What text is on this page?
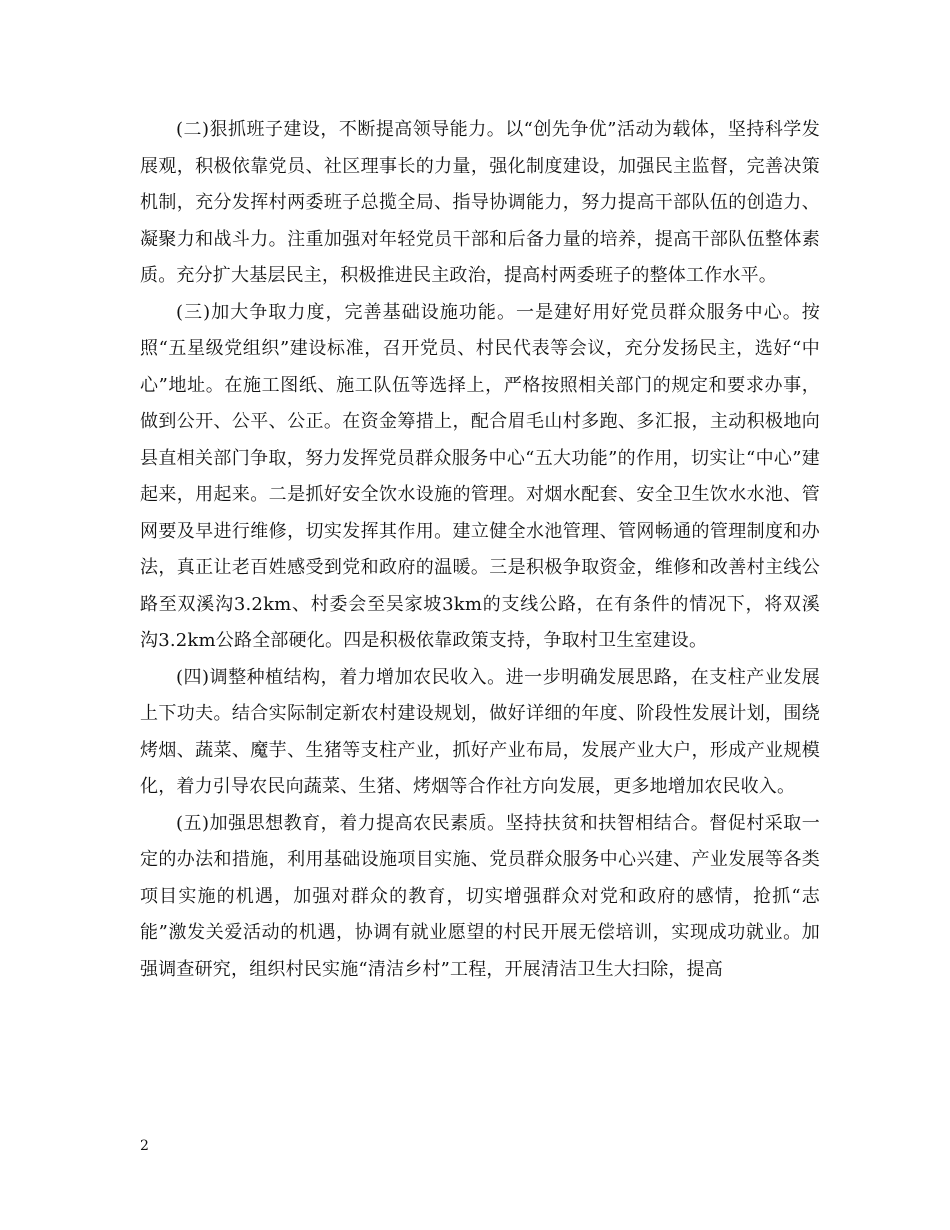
(二)狠抓班子建设，不断提高领导能力。以“创先争优”活动为载体，坚持科学发展观，积极依靠党员、社区理事长的力量，强化制度建设，加强民主监督，完善决策机制，充分发挥村两委班子总揽全局、指导协调能力，努力提高干部队伍的创造力、凝聚力和战斗力。注重加强对年轻党员干部和后备力量的培养，提高干部队伍整体素质。充分扩大基层民主，积极推进民主政治，提高村两委班子的整体工作水平。

(三)加大争取力度，完善基础设施功能。一是建好用好党员群众服务中心。按照“五星级党组织”建设标准，召开党员、村民代表等会议，充分发扬民主，选好“中心”地址。在施工图纸、施工队伍等选择上，严格按照相关部门的规定和要求办事，做到公开、公平、公正。在资金筹措上，配合眉毛山村多跑、多汇报，主动积极地向县直相关部门争取，努力发挥党员群众服务中心“五大功能”的作用，切实让“中心”建起来，用起来。二是抓好安全饮水设施的管理。对烟水配套、安全卫生饮水水池、管网要及早进行维修，切实发挥其作用。建立健全水池管理、管网畅通的管理制度和办法，真正让老百姓感受到党和政府的温暖。三是积极争取资金，维修和改善村主线公路至双溪沟3.2km、村委会至吴家坡3km的支线公路，在有条件的情况下，将双溪沟3.2km公路全部硬化。四是积极依靠政策支持，争取村卫生室建设。

(四)调整种植结构，着力增加农民收入。进一步明确发展思路，在支柱产业发展上下功夫。结合实际制定新农村建设规划，做好详细的年度、阶段性发展计划，围绕烤烟、蔬菜、魔芋、生猪等支柱产业，抓好产业布局，发展产业大户，形成产业规模化，着力引导农民向蔬菜、生猪、烤烟等合作社方向发展，更多地增加农民收入。

(五)加强思想教育，着力提高农民素质。坚持扶贫和扶智相结合。督促村采取一定的办法和措施，利用基础设施项目实施、党员群众服务中心兴建、产业发展等各类项目实施的机遇，加强对群众的教育，切实增强群众对党和政府的感情，抢抓“志能”激发关爱活动的机遇，协调有就业愿望的村民开展无偿培训，实现成功就业。加强调查研究，组织村民实施“清洁乡村”工程，开展清洁卫生大扫除，提高

2
